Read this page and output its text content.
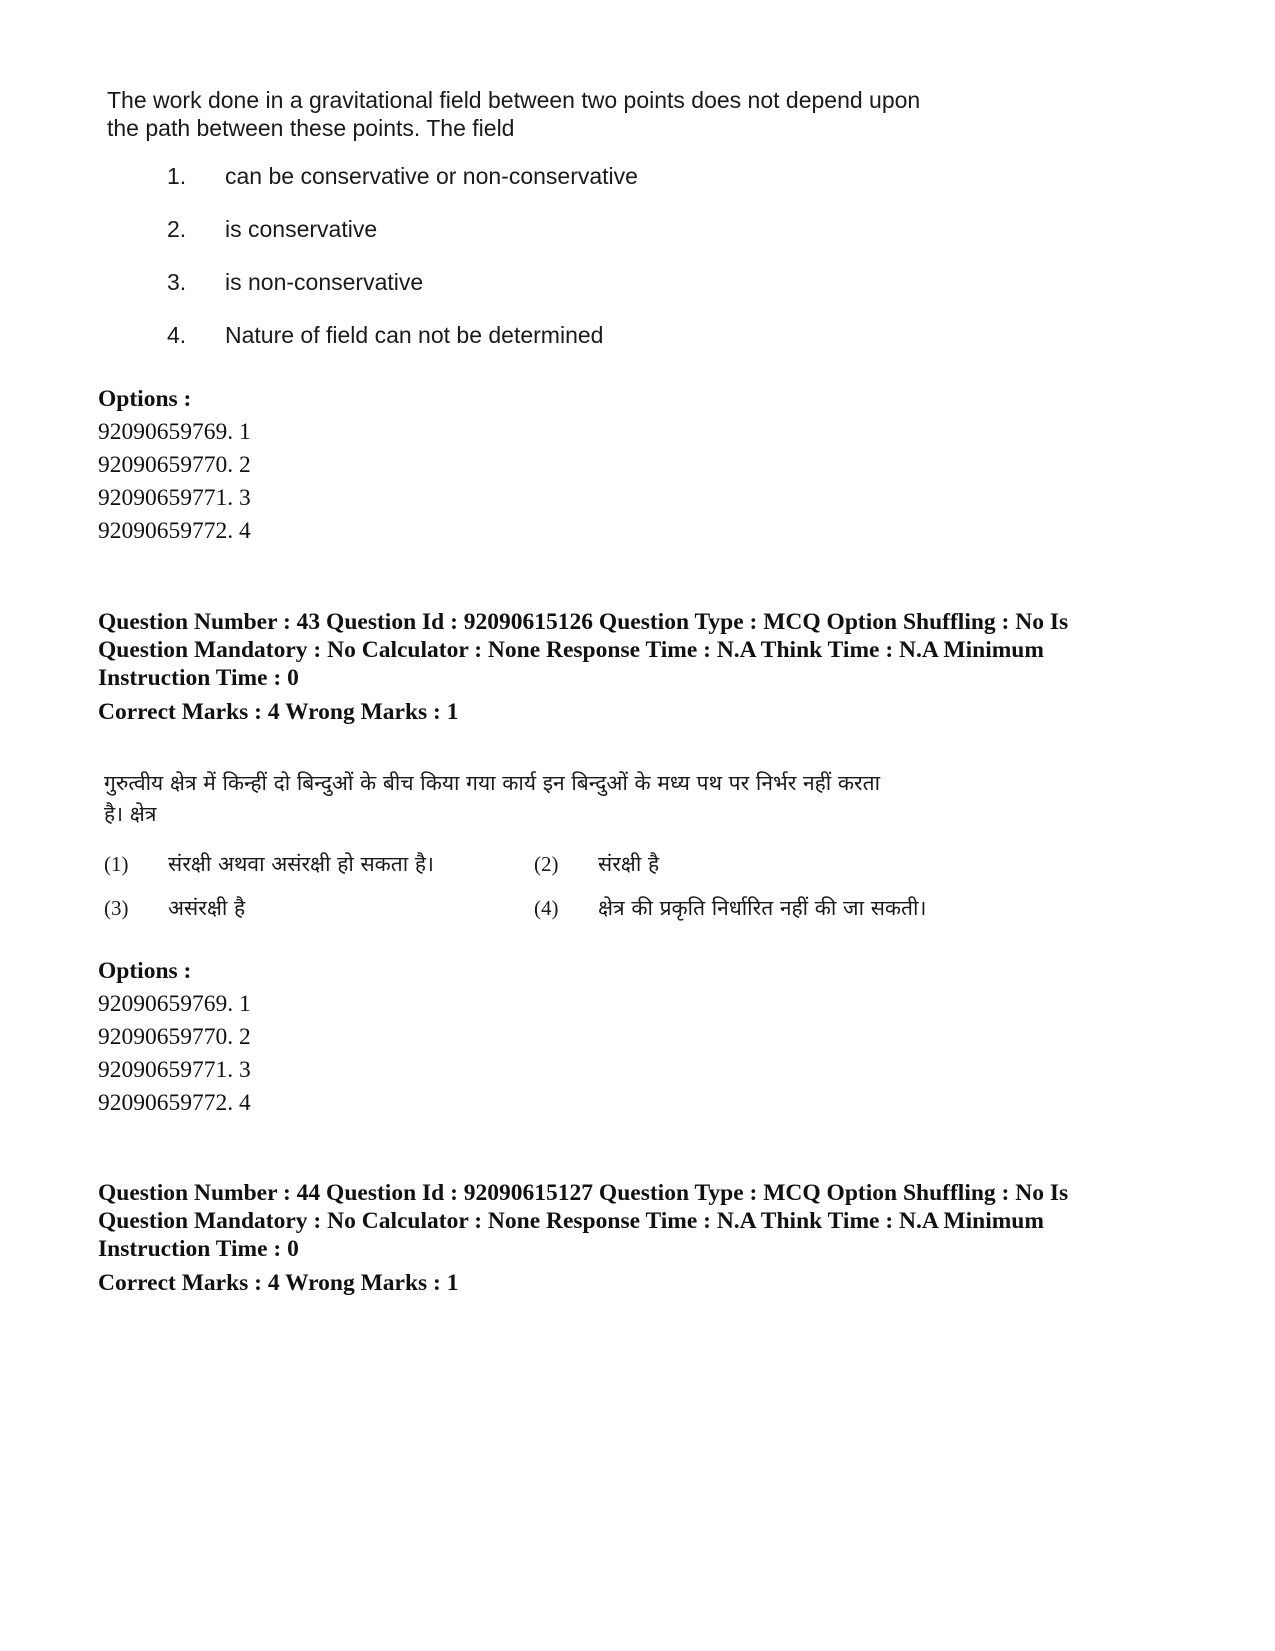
The work done in a gravitational field between two points does not depend upon
the path between these points. The field

1.	can be conservative or non-conservative
2.	is conservative
3.	is non-conservative
4.	Nature of field can not be determined

Options :

92090659769. 1

92090659770. 2

92090659771. 3

92090659772. 4

Question Number : 43 Question Id : 92090615126 Question Type : MCQ Option Shuffling : No Is

Question Mandatory : No Calculator : None Response Time : N.A Think Time : N.A Minimum

Instruction Time : 0

Correct Marks : 4 Wrong Marks : 1

गुरुत्वीय क्षेत्र में किन्हीं दो बिन्दुओं के बीच किया गया कार्य इन बिन्दुओं के मध्य पथ पर निर्भर नहीं करता
है। क्षेत्र

(1)	संरक्षी अथवा असंरक्षी हो सकता है।	(2)	संरक्षी है
(3)	असंरक्षी है	(4)	क्षेत्र की प्रकृति निर्धारित नहीं की जा सकती।

Options :

92090659769. 1

92090659770. 2

92090659771. 3

92090659772. 4

Question Number : 44 Question Id : 92090615127 Question Type : MCQ Option Shuffling : No Is

Question Mandatory : No Calculator : None Response Time : N.A Think Time : N.A Minimum

Instruction Time : 0

Correct Marks : 4 Wrong Marks : 1
